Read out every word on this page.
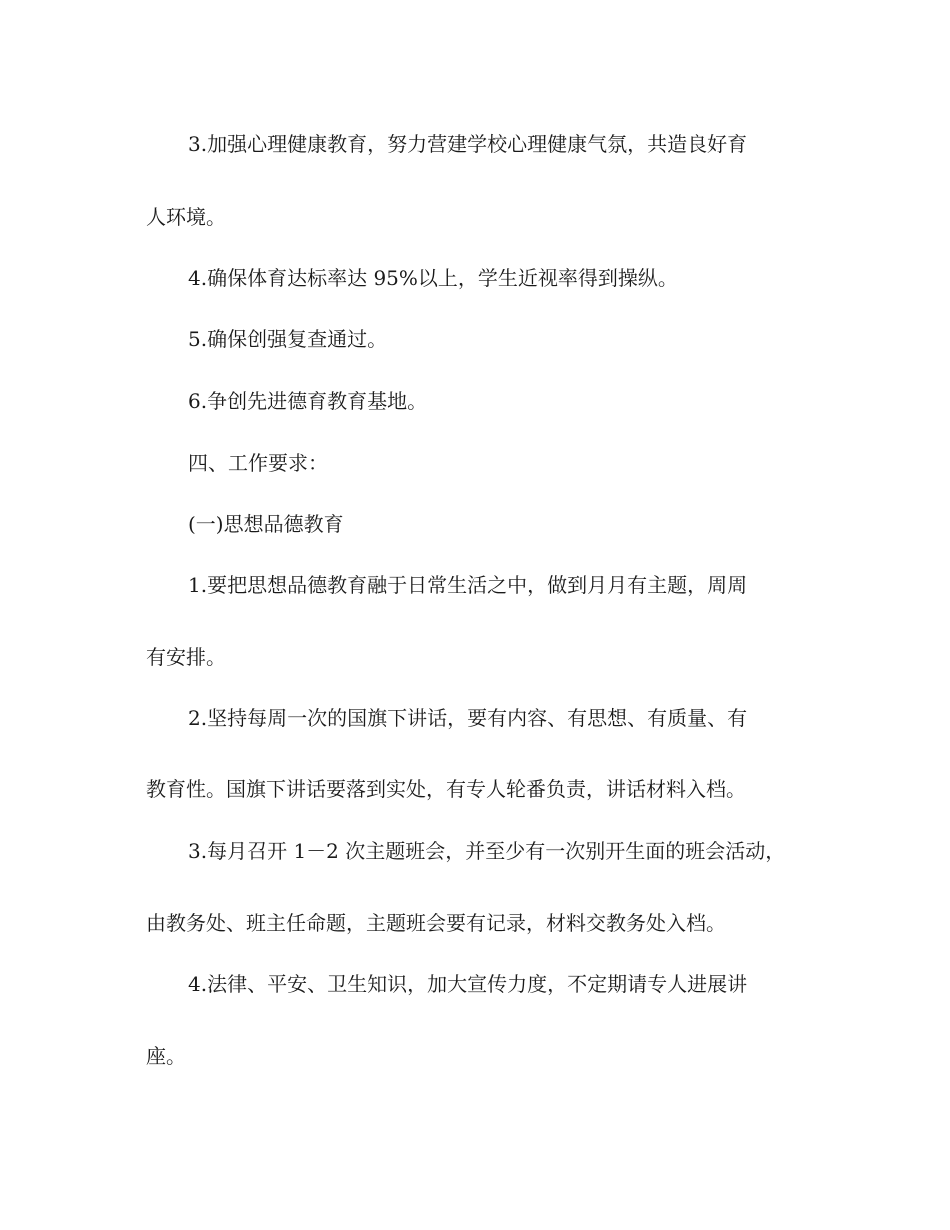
3.加强心理健康教育，努力营建学校心理健康气氛，共造良好育

人环境。

4.确保体育达标率达 95%以上，学生近视率得到操纵。

5.确保创强复查通过。

6.争创先进德育教育基地。

四、工作要求：

(一)思想品德教育

1.要把思想品德教育融于日常生活之中，做到月月有主题，周周

有安排。

2.坚持每周一次的国旗下讲话，要有内容、有思想、有质量、有

教育性。国旗下讲话要落到实处，有专人轮番负责，讲话材料入档。

3.每月召开 1－2 次主题班会，并至少有一次别开生面的班会活动，

由教务处、班主任命题，主题班会要有记录，材料交教务处入档。

4.法律、平安、卫生知识，加大宣传力度，不定期请专人进展讲

座。
